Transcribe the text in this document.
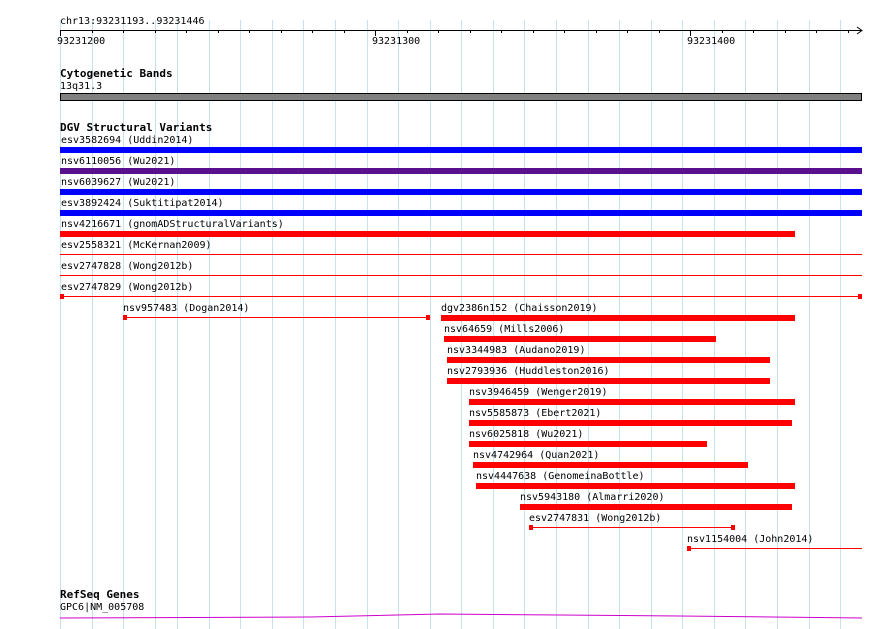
chr13:93231193..93231446
93231200	93231300	93231400
Cytogenetic Bands
13q31.3
DGV Structural Variants
esv3582694 (Uddin2014)
nsv6110056 (Wu2021)
nsv6039627 (Wu2021)
esv3892424 (Suktitipat2014)
nsv4216671 (gnomADStructuralVariants)
esv2558321 (McKernan2009)
esv2747828 (Wong2012b)
esv2747829 (Wong2012b)
nsv957483 (Dogan2014)	dgv2386n152 (Chaisson2019)
nsv64659 (Mills2006)
nsv3344983 (Audano2019)
nsv2793936 (Huddleston2016)
nsv3946459 (Wenger2019)
nsv5585873 (Ebert2021)
nsv6025818 (Wu2021)
nsv4742964 (Quan2021)
nsv4447638 (GenomeinaBottle)
nsv5943180 (Almarri2020)
esv2747831 (Wong2012b)
nsv1154004 (John2014)
RefSeq Genes
GPC6|NM_005708
